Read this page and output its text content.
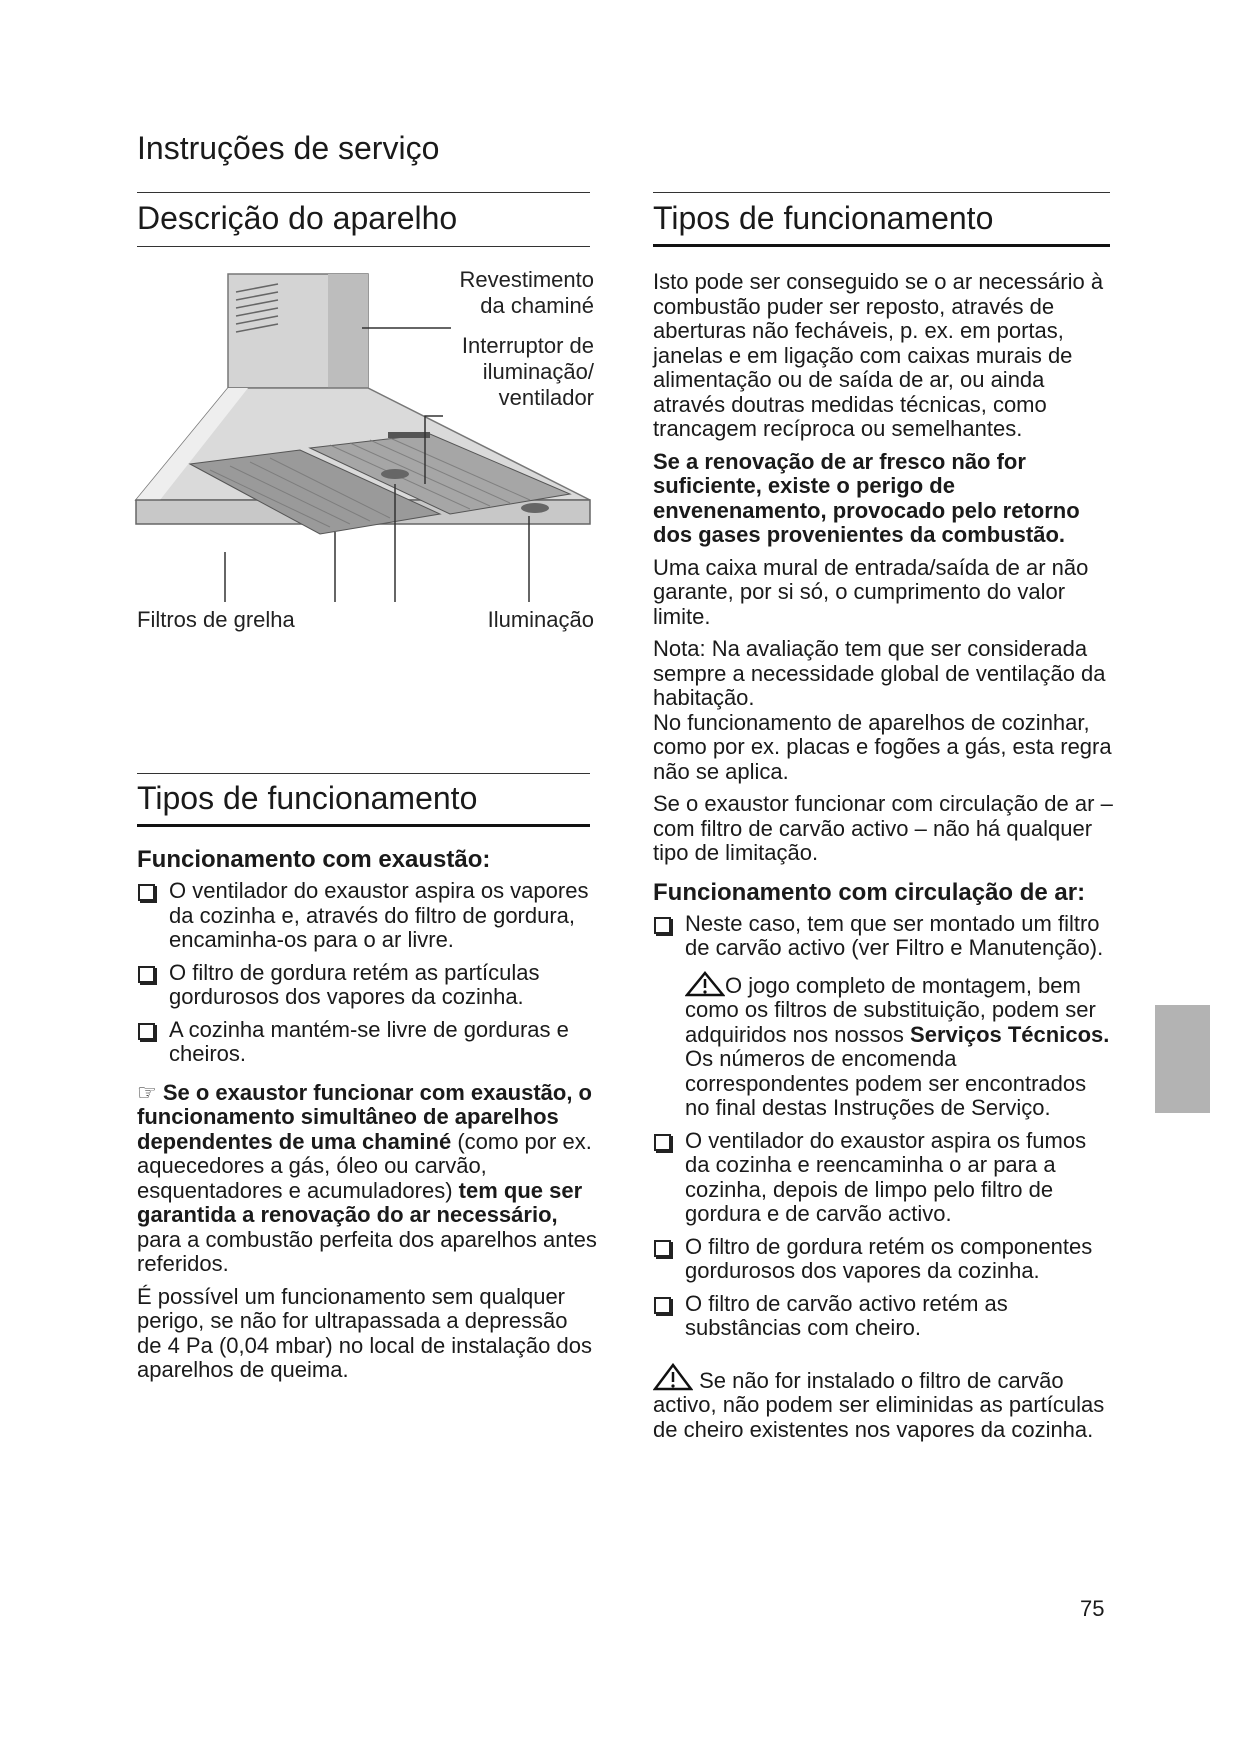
Instruções de serviço
Descrição do aparelho
Revestimento da chaminé
Interruptor de iluminação/ ventilador
Filtros de grelha	Iluminação
Tipos de funcionamento
Funcionamento com exaustão:
O ventilador do exaustor aspira os vapores da cozinha e, através do filtro de gordura, encaminha-os para o ar livre.
O filtro de gordura retém as partículas gordurosos dos vapores da cozinha.
A cozinha mantém-se livre de gorduras e cheiros.

☞ Se o exaustor funcionar com exaustão, o funcionamento simultâneo de aparelhos dependentes de uma chaminé (como por ex. aquecedores a gás, óleo ou carvão, esquentadores e acumuladores) tem que ser garantida a renovação do ar necessário, para a combustão perfeita dos aparelhos antes referidos.

É possível um funcionamento sem qualquer perigo, se não for ultrapassada a depressão de 4 Pa (0,04 mbar) no local de instalação dos aparelhos de queima.

Tipos de funcionamento

Isto pode ser conseguido se o ar necessário à combustão puder ser reposto, através de aberturas não fecháveis, p. ex. em portas, janelas e em ligação com caixas murais de alimentação ou de saída de ar, ou ainda através doutras medidas técnicas, como trancagem recíproca ou semelhantes.

Se a renovação de ar fresco não for suficiente, existe o perigo de envenenamento, provocado pelo retorno dos gases provenientes da combustão.

Uma caixa mural de entrada/saída de ar não garante, por si só, o cumprimento do valor limite.

Nota: Na avaliação tem que ser considerada sempre a necessidade global de ventilação da habitação.

No funcionamento de aparelhos de cozinhar, como por ex. placas e fogões a gás, esta regra não se aplica.

Se o exaustor funcionar com circulação de ar – com filtro de carvão activo – não há qualquer tipo de limitação.

Funcionamento com circulação de ar:
Neste caso, tem que ser montado um filtro de carvão activo (ver Filtro e Manutenção).
O jogo completo de montagem, bem como os filtros de substituição, podem ser adquiridos nos nossos Serviços Técnicos.
Os números de encomenda correspondentes podem ser encontrados no final destas Instruções de Serviço.
O ventilador do exaustor aspira os fumos da cozinha e reencaminha o ar para a cozinha, depois de limpo pelo filtro de gordura e de carvão activo.
O filtro de gordura retém os componentes gordurosos dos vapores da cozinha.
O filtro de carvão activo retém as substâncias com cheiro.

Se não for instalado o filtro de carvão activo, não podem ser eliminidas as partículas de cheiro existentes nos vapores da cozinha.

75
